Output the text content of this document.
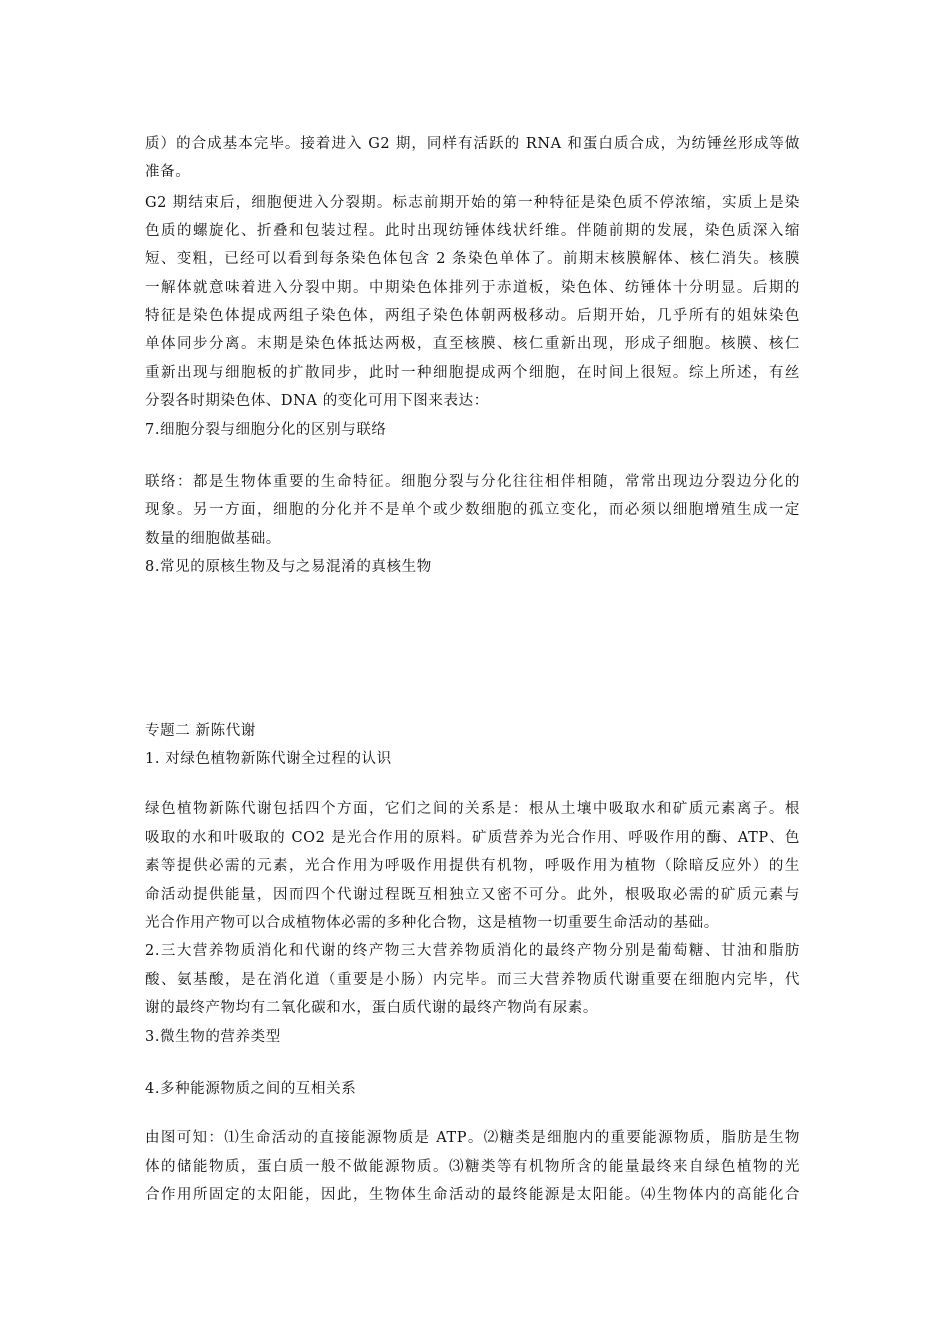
质）的合成基本完毕。接着进入 G2 期，同样有活跃的 RNA 和蛋白质合成，为纺锤丝形成等做
准备。
G2 期结束后，细胞便进入分裂期。标志前期开始的第一种特征是染色质不停浓缩，实质上是染
色质的螺旋化、折叠和包装过程。此时出现纺锤体线状纤维。伴随前期的发展，染色质深入缩
短、变粗，已经可以看到每条染色体包含 2 条染色单体了。前期末核膜解体、核仁消失。核膜
一解体就意味着进入分裂中期。中期染色体排列于赤道板，染色体、纺锤体十分明显。后期的
特征是染色体提成两组子染色体，两组子染色体朝两极移动。后期开始，几乎所有的姐妹染色
单体同步分离。末期是染色体抵达两极，直至核膜、核仁重新出现，形成子细胞。核膜、核仁
重新出现与细胞板的扩散同步，此时一种细胞提成两个细胞，在时间上很短。综上所述，有丝
分裂各时期染色体、DNA 的变化可用下图来表达：
7.细胞分裂与细胞分化的区别与联络
联络：都是生物体重要的生命特征。细胞分裂与分化往往相伴相随，常常出现边分裂边分化的
现象。另一方面，细胞的分化并不是单个或少数细胞的孤立变化，而必须以细胞增殖生成一定
数量的细胞做基础。
8.常见的原核生物及与之易混淆的真核生物
专题二 新陈代谢
1. 对绿色植物新陈代谢全过程的认识
绿色植物新陈代谢包括四个方面，它们之间的关系是：根从土壤中吸取水和矿质元素离子。根
吸取的水和叶吸取的 CO2 是光合作用的原料。矿质营养为光合作用、呼吸作用的酶、ATP、色
素等提供必需的元素，光合作用为呼吸作用提供有机物，呼吸作用为植物（除暗反应外）的生
命活动提供能量，因而四个代谢过程既互相独立又密不可分。此外，根吸取必需的矿质元素与
光合作用产物可以合成植物体必需的多种化合物，这是植物一切重要生命活动的基础。
2.三大营养物质消化和代谢的终产物三大营养物质消化的最终产物分别是葡萄糖、甘油和脂肪
酸、氨基酸，是在消化道（重要是小肠）内完毕。而三大营养物质代谢重要在细胞内完毕，代
谢的最终产物均有二氧化碳和水，蛋白质代谢的最终产物尚有尿素。
3.微生物的营养类型
4.多种能源物质之间的互相关系
由图可知：⑴生命活动的直接能源物质是 ATP。⑵糖类是细胞内的重要能源物质，脂肪是生物
体的储能物质，蛋白质一般不做能源物质。⑶糖类等有机物所含的能量最终来自绿色植物的光
合作用所固定的太阳能，因此，生物体生命活动的最终能源是太阳能。⑷生物体内的高能化合
